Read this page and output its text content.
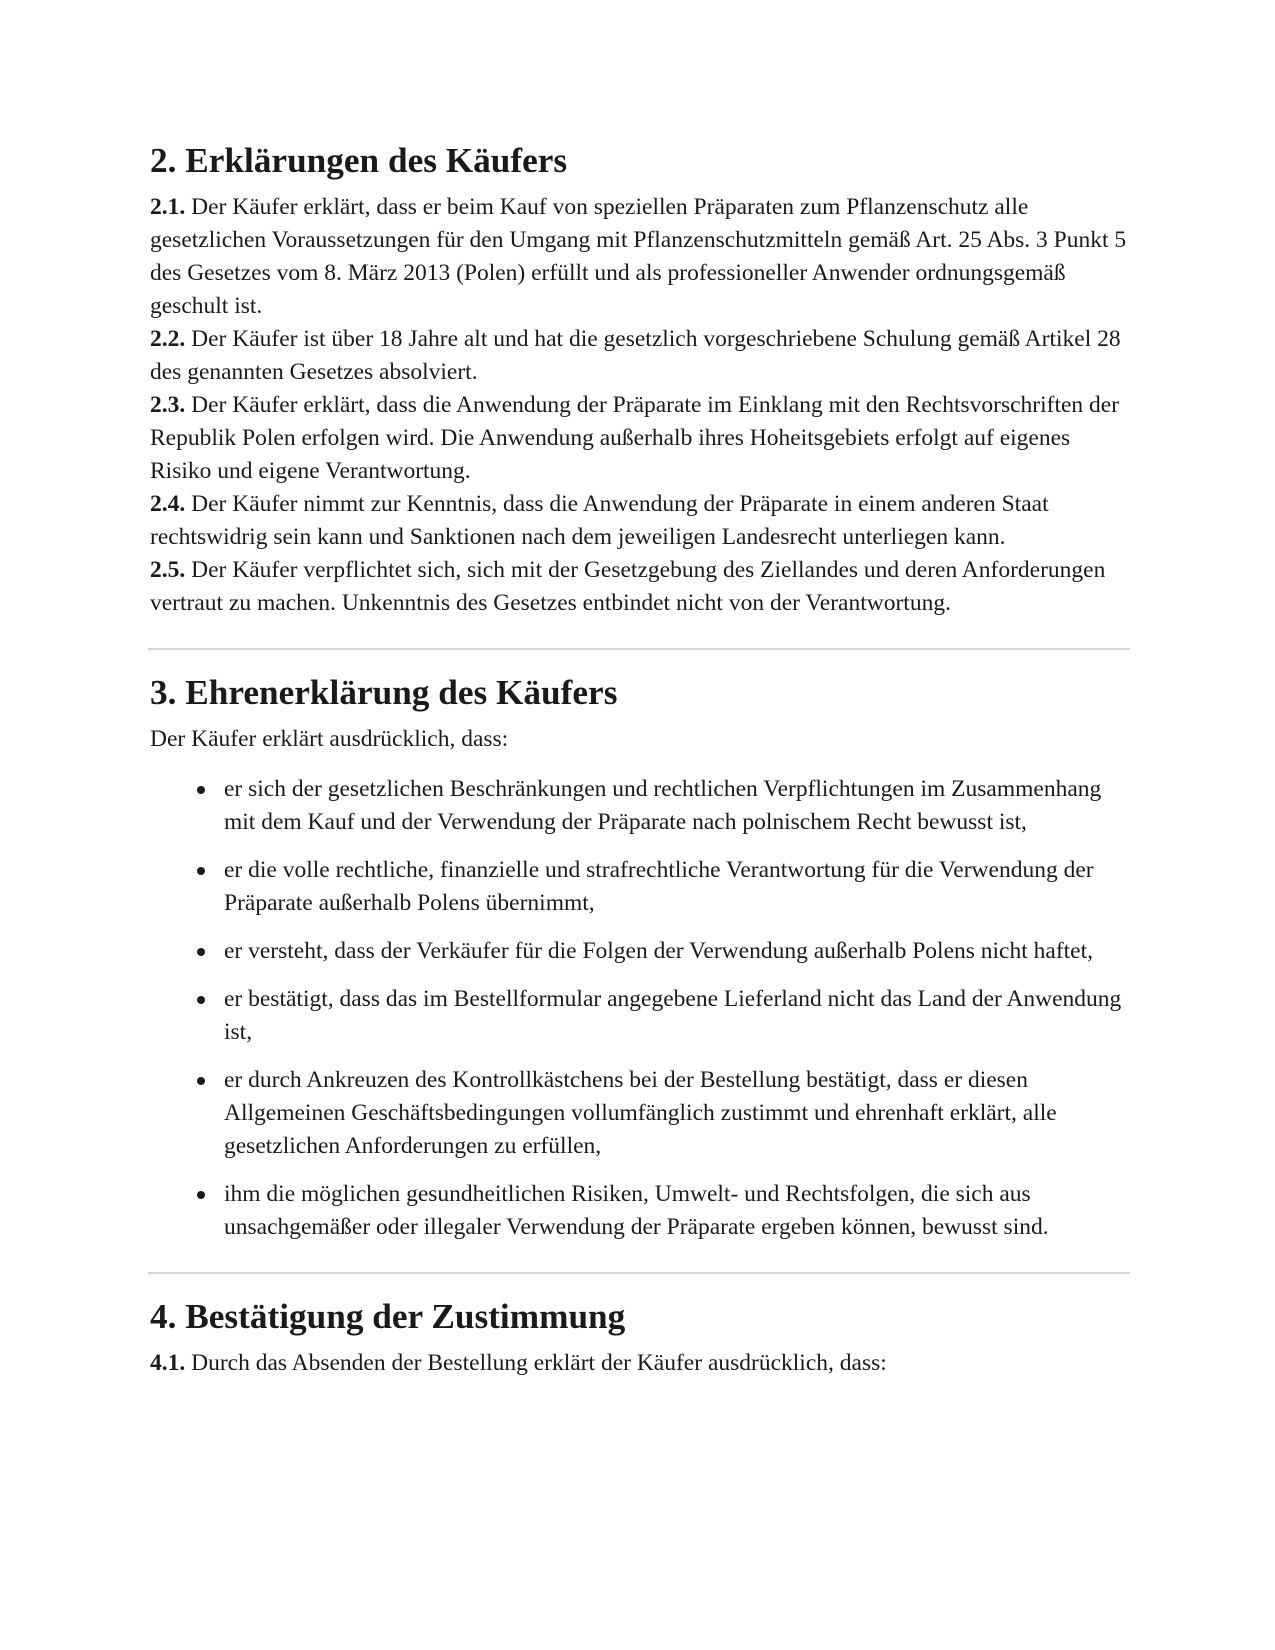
2. Erklärungen des Käufers

2.1. Der Käufer erklärt, dass er beim Kauf von speziellen Präparaten zum Pflanzenschutz alle gesetzlichen Voraussetzungen für den Umgang mit Pflanzenschutzmitteln gemäß Art. 25 Abs. 3 Punkt 5 des Gesetzes vom 8. März 2013 (Polen) erfüllt und als professioneller Anwender ordnungsgemäß geschult ist.

2.2. Der Käufer ist über 18 Jahre alt und hat die gesetzlich vorgeschriebene Schulung gemäß Artikel 28 des genannten Gesetzes absolviert.

2.3. Der Käufer erklärt, dass die Anwendung der Präparate im Einklang mit den Rechtsvorschriften der Republik Polen erfolgen wird. Die Anwendung außerhalb ihres Hoheitsgebiets erfolgt auf eigenes Risiko und eigene Verantwortung.

2.4. Der Käufer nimmt zur Kenntnis, dass die Anwendung der Präparate in einem anderen Staat rechtswidrig sein kann und Sanktionen nach dem jeweiligen Landesrecht unterliegen kann.

2.5. Der Käufer verpflichtet sich, sich mit der Gesetzgebung des Ziellandes und deren Anforderungen vertraut zu machen. Unkenntnis des Gesetzes entbindet nicht von der Verantwortung.

3. Ehrenerklärung des Käufers

Der Käufer erklärt ausdrücklich, dass:

er sich der gesetzlichen Beschränkungen und rechtlichen Verpflichtungen im Zusammenhang mit dem Kauf und der Verwendung der Präparate nach polnischem Recht bewusst ist,
er die volle rechtliche, finanzielle und strafrechtliche Verantwortung für die Verwendung der Präparate außerhalb Polens übernimmt,
er versteht, dass der Verkäufer für die Folgen der Verwendung außerhalb Polens nicht haftet,
er bestätigt, dass das im Bestellformular angegebene Lieferland nicht das Land der Anwendung ist,
er durch Ankreuzen des Kontrollkästchens bei der Bestellung bestätigt, dass er diesen Allgemeinen Geschäftsbedingungen vollumfänglich zustimmt und ehrenhaft erklärt, alle gesetzlichen Anforderungen zu erfüllen,
ihm die möglichen gesundheitlichen Risiken, Umwelt- und Rechtsfolgen, die sich aus unsachgemäßer oder illegaler Verwendung der Präparate ergeben können, bewusst sind.
4. Bestätigung der Zustimmung

4.1. Durch das Absenden der Bestellung erklärt der Käufer ausdrücklich, dass:
